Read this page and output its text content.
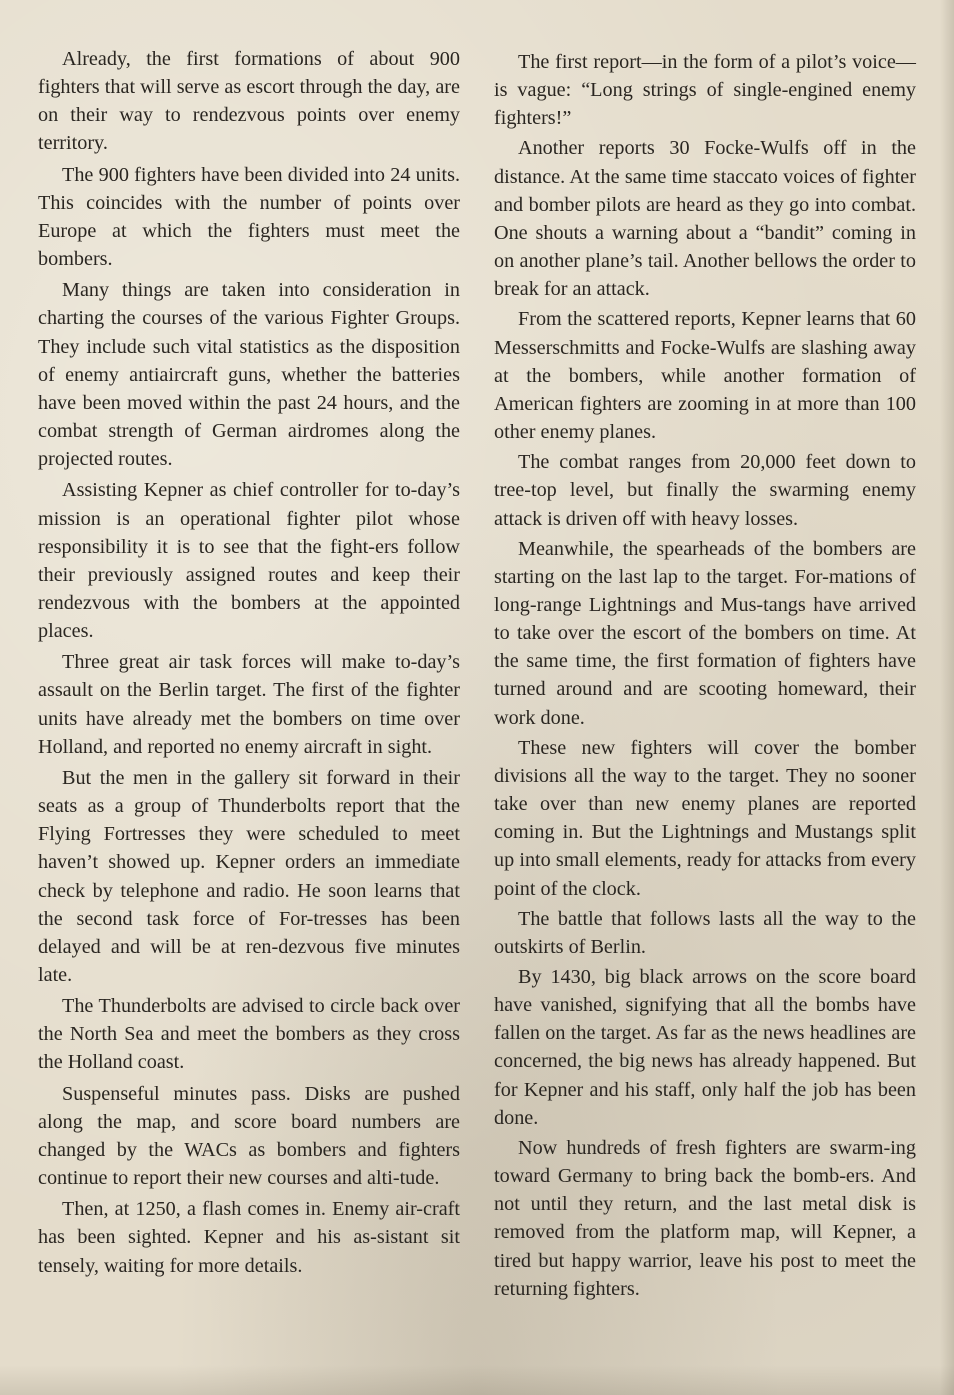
Already, the first formations of about 900 fighters that will serve as escort through the day, are on their way to rendezvous points over enemy territory.

The 900 fighters have been divided into 24 units. This coincides with the number of points over Europe at which the fighters must meet the bombers.

Many things are taken into consideration in charting the courses of the various Fighter Groups. They include such vital statistics as the disposition of enemy antiaircraft guns, whether the batteries have been moved within the past 24 hours, and the combat strength of German airdromes along the projected routes.

Assisting Kepner as chief controller for to-day’s mission is an operational fighter pilot whose responsibility it is to see that the fight-ers follow their previously assigned routes and keep their rendezvous with the bombers at the appointed places.

Three great air task forces will make to-day’s assault on the Berlin target. The first of the fighter units have already met the bombers on time over Holland, and reported no enemy aircraft in sight.

But the men in the gallery sit forward in their seats as a group of Thunderbolts report that the Flying Fortresses they were scheduled to meet haven’t showed up. Kepner orders an immediate check by telephone and radio. He soon learns that the second task force of For-tresses has been delayed and will be at ren-dezvous five minutes late.

The Thunderbolts are advised to circle back over the North Sea and meet the bombers as they cross the Holland coast.

Suspenseful minutes pass. Disks are pushed along the map, and score board numbers are changed by the WACs as bombers and fighters continue to report their new courses and alti-tude.

Then, at 1250, a flash comes in. Enemy air-craft has been sighted. Kepner and his as-sistant sit tensely, waiting for more details.

The first report—in the form of a pilot’s voice—is vague: “Long strings of single-engined enemy fighters!”

Another reports 30 Focke-Wulfs off in the distance. At the same time staccato voices of fighter and bomber pilots are heard as they go into combat. One shouts a warning about a “bandit” coming in on another plane’s tail. Another bellows the order to break for an attack.

From the scattered reports, Kepner learns that 60 Messerschmitts and Focke-Wulfs are slashing away at the bombers, while another formation of American fighters are zooming in at more than 100 other enemy planes.

The combat ranges from 20,000 feet down to tree-top level, but finally the swarming enemy attack is driven off with heavy losses.

Meanwhile, the spearheads of the bombers are starting on the last lap to the target. For-mations of long-range Lightnings and Mus-tangs have arrived to take over the escort of the bombers on time. At the same time, the first formation of fighters have turned around and are scooting homeward, their work done.

These new fighters will cover the bomber divisions all the way to the target. They no sooner take over than new enemy planes are reported coming in. But the Lightnings and Mustangs split up into small elements, ready for attacks from every point of the clock.

The battle that follows lasts all the way to the outskirts of Berlin.

By 1430, big black arrows on the score board have vanished, signifying that all the bombs have fallen on the target. As far as the news headlines are concerned, the big news has already happened. But for Kepner and his staff, only half the job has been done.

Now hundreds of fresh fighters are swarm-ing toward Germany to bring back the bomb-ers. And not until they return, and the last metal disk is removed from the platform map, will Kepner, a tired but happy warrior, leave his post to meet the returning fighters.
